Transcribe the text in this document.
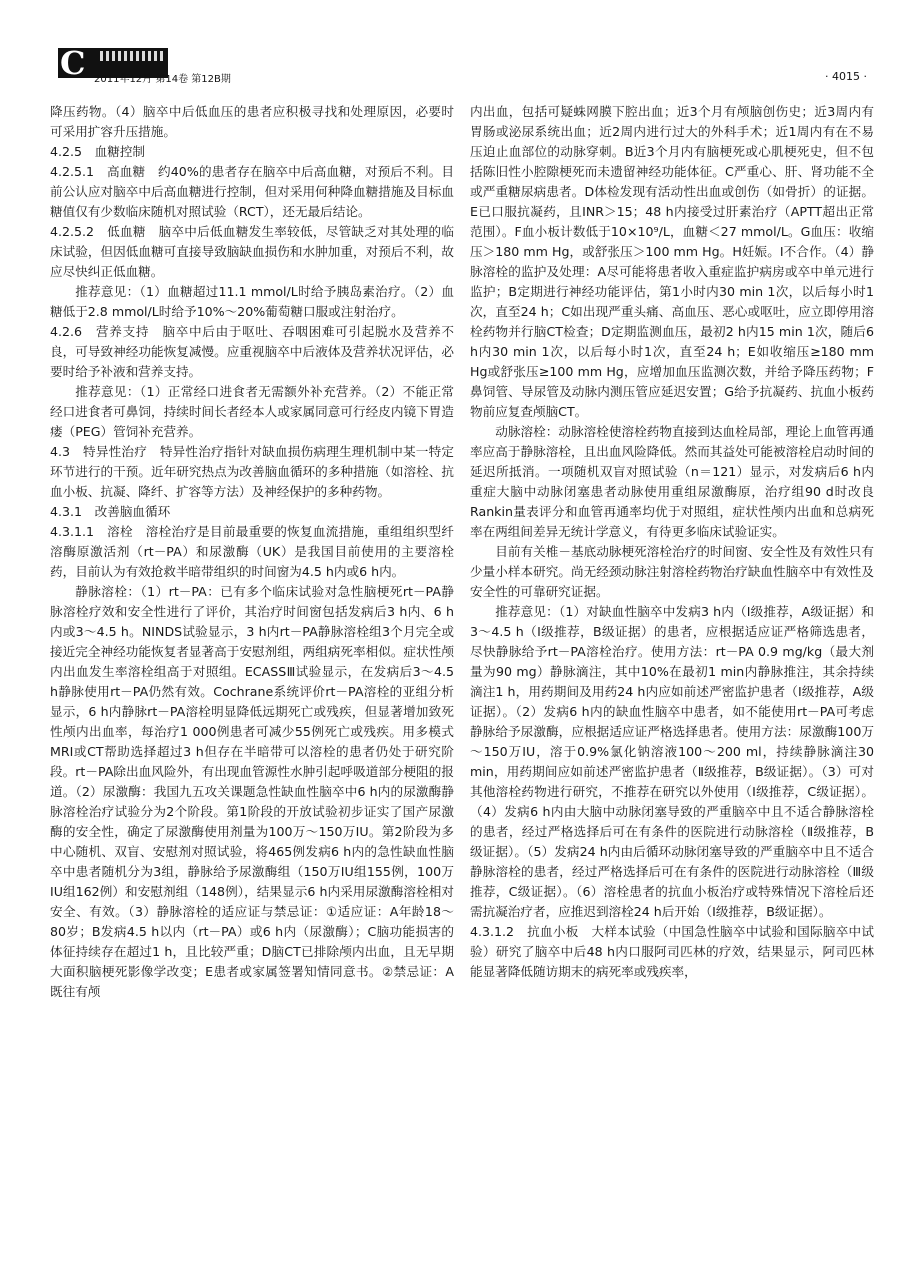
C 2011年12月 第14卷 第12B期	· 4015 ·

降压药物。（4）脑卒中后低血压的患者应积极寻找和处理原因，必要时可采用扩容升压措施。

4.2.5　血糖控制

4.2.5.1　高血糖　约40%的患者存在脑卒中后高血糖，对预后不利。目前公认应对脑卒中后高血糖进行控制，但对采用何种降血糖措施及目标血糖值仅有少数临床随机对照试验（RCT），还无最后结论。

4.2.5.2　低血糖　脑卒中后低血糖发生率较低，尽管缺乏对其处理的临床试验，但因低血糖可直接导致脑缺血损伤和水肿加重，对预后不利，故应尽快纠正低血糖。

推荐意见：（1）血糖超过11.1 mmol/L时给予胰岛素治疗。（2）血糖低于2.8 mmol/L时给予10%～20%葡萄糖口服或注射治疗。

4.2.6　营养支持　脑卒中后由于呕吐、吞咽困难可引起脱水及营养不良，可导致神经功能恢复减慢。应重视脑卒中后液体及营养状况评估，必要时给予补液和营养支持。

推荐意见：（1）正常经口进食者无需额外补充营养。（2）不能正常经口进食者可鼻饲，持续时间长者经本人或家属同意可行经皮内镜下胃造瘘（PEG）管饲补充营养。

4.3　特异性治疗　特异性治疗指针对缺血损伤病理生理机制中某一特定环节进行的干预。近年研究热点为改善脑血循环的多种措施（如溶栓、抗血小板、抗凝、降纤、扩容等方法）及神经保护的多种药物。

4.3.1　改善脑血循环

4.3.1.1　溶栓　溶栓治疗是目前最重要的恢复血流措施，重组组织型纤溶酶原激活剂（rt－PA）和尿激酶（UK）是我国目前使用的主要溶栓药，目前认为有效抢救半暗带组织的时间窗为4.5 h内或6 h内。

静脉溶栓：（1）rt－PA：已有多个临床试验对急性脑梗死rt－PA静脉溶栓疗效和安全性进行了评价，其治疗时间窗包括发病后3 h内、6 h内或3～4.5 h。NINDS试验显示，3 h内rt－PA静脉溶栓组3个月完全或接近完全神经功能恢复者显著高于安慰剂组，两组病死率相似。症状性颅内出血发生率溶栓组高于对照组。ECASSⅢ试验显示，在发病后3～4.5 h静脉使用rt－PA仍然有效。Cochrane系统评价rt－PA溶栓的亚组分析显示，6 h内静脉rt－PA溶栓明显降低远期死亡或残疾，但显著增加致死性颅内出血率，每治疗1 000例患者可减少55例死亡或残疾。用多模式MRI或CT帮助选择超过3 h但存在半暗带可以溶栓的患者仍处于研究阶段。rt－PA除出血风险外，有出现血管源性水肿引起呼吸道部分梗阻的报道。（2）尿激酶：我国九五攻关课题急性缺血性脑卒中6 h内的尿激酶静脉溶栓治疗试验分为2个阶段。第1阶段的开放试验初步证实了国产尿激酶的安全性，确定了尿激酶使用剂量为100万～150万IU。第2阶段为多中心随机、双盲、安慰剂对照试验，将465例发病6 h内的急性缺血性脑卒中患者随机分为3组，静脉给予尿激酶组（150万IU组155例，100万IU组162例）和安慰剂组（148例），结果显示6 h内采用尿激酶溶栓相对安全、有效。（3）静脉溶栓的适应证与禁忌证：①适应证：A年龄18～80岁；B发病4.5 h以内（rt－PA）或6 h内（尿激酶）；C脑功能损害的体征持续存在超过1 h，且比较严重；D脑CT已排除颅内出血，且无早期大面积脑梗死影像学改变；E患者或家属签署知情同意书。②禁忌证：A既往有颅

内出血，包括可疑蛛网膜下腔出血；近3个月有颅脑创伤史；近3周内有胃肠或泌尿系统出血；近2周内进行过大的外科手术；近1周内有在不易压迫止血部位的动脉穿刺。B近3个月内有脑梗死或心肌梗死史，但不包括陈旧性小腔隙梗死而未遗留神经功能体征。C严重心、肝、肾功能不全或严重糖尿病患者。D体检发现有活动性出血或创伤（如骨折）的证据。E已口服抗凝药，且INR＞15；48 h内接受过肝素治疗（APTT超出正常范围）。F血小板计数低于10×10⁹/L，血糖＜27 mmol/L。G血压：收缩压＞180 mm Hg，或舒张压＞100 mm Hg。H妊娠。I不合作。（4）静脉溶栓的监护及处理：A尽可能将患者收入重症监护病房或卒中单元进行监护；B定期进行神经功能评估，第1小时内30 min 1次，以后每小时1次，直至24 h；C如出现严重头痛、高血压、恶心或呕吐，应立即停用溶栓药物并行脑CT检查；D定期监测血压，最初2 h内15 min 1次，随后6 h内30 min 1次，以后每小时1次，直至24 h；E如收缩压≥180 mm Hg或舒张压≥100 mm Hg，应增加血压监测次数，并给予降压药物；F鼻饲管、导尿管及动脉内测压管应延迟安置；G给予抗凝药、抗血小板药物前应复查颅脑CT。

动脉溶栓：动脉溶栓使溶栓药物直接到达血栓局部，理论上血管再通率应高于静脉溶栓，且出血风险降低。然而其益处可能被溶栓启动时间的延迟所抵消。一项随机双盲对照试验（n＝121）显示，对发病后6 h内重症大脑中动脉闭塞患者动脉使用重组尿激酶原，治疗组90 d时改良Rankin量表评分和血管再通率均优于对照组，症状性颅内出血和总病死率在两组间差异无统计学意义，有待更多临床试验证实。

目前有关椎－基底动脉梗死溶栓治疗的时间窗、安全性及有效性只有少量小样本研究。尚无经颈动脉注射溶栓药物治疗缺血性脑卒中有效性及安全性的可靠研究证据。

推荐意见：（1）对缺血性脑卒中发病3 h内（Ⅰ级推荐，A级证据）和3～4.5 h（Ⅰ级推荐，B级证据）的患者，应根据适应证严格筛选患者，尽快静脉给予rt－PA溶栓治疗。使用方法：rt－PA 0.9 mg/kg（最大剂量为90 mg）静脉滴注，其中10%在最初1 min内静脉推注，其余持续滴注1 h，用药期间及用药24 h内应如前述严密监护患者（Ⅰ级推荐，A级证据）。（2）发病6 h内的缺血性脑卒中患者，如不能使用rt－PA可考虑静脉给予尿激酶，应根据适应证严格选择患者。使用方法：尿激酶100万～150万IU，溶于0.9%氯化钠溶液100～200 ml，持续静脉滴注30 min，用药期间应如前述严密监护患者（Ⅱ级推荐，B级证据）。（3）可对其他溶栓药物进行研究，不推荐在研究以外使用（Ⅰ级推荐，C级证据）。（4）发病6 h内由大脑中动脉闭塞导致的严重脑卒中且不适合静脉溶栓的患者，经过严格选择后可在有条件的医院进行动脉溶栓（Ⅱ级推荐，B级证据）。（5）发病24 h内由后循环动脉闭塞导致的严重脑卒中且不适合静脉溶栓的患者，经过严格选择后可在有条件的医院进行动脉溶栓（Ⅲ级推荐，C级证据）。（6）溶栓患者的抗血小板治疗或特殊情况下溶栓后还需抗凝治疗者，应推迟到溶栓24 h后开始（Ⅰ级推荐，B级证据）。

4.3.1.2　抗血小板　大样本试验（中国急性脑卒中试验和国际脑卒中试验）研究了脑卒中后48 h内口服阿司匹林的疗效，结果显示，阿司匹林能显著降低随访期末的病死率或残疾率，
